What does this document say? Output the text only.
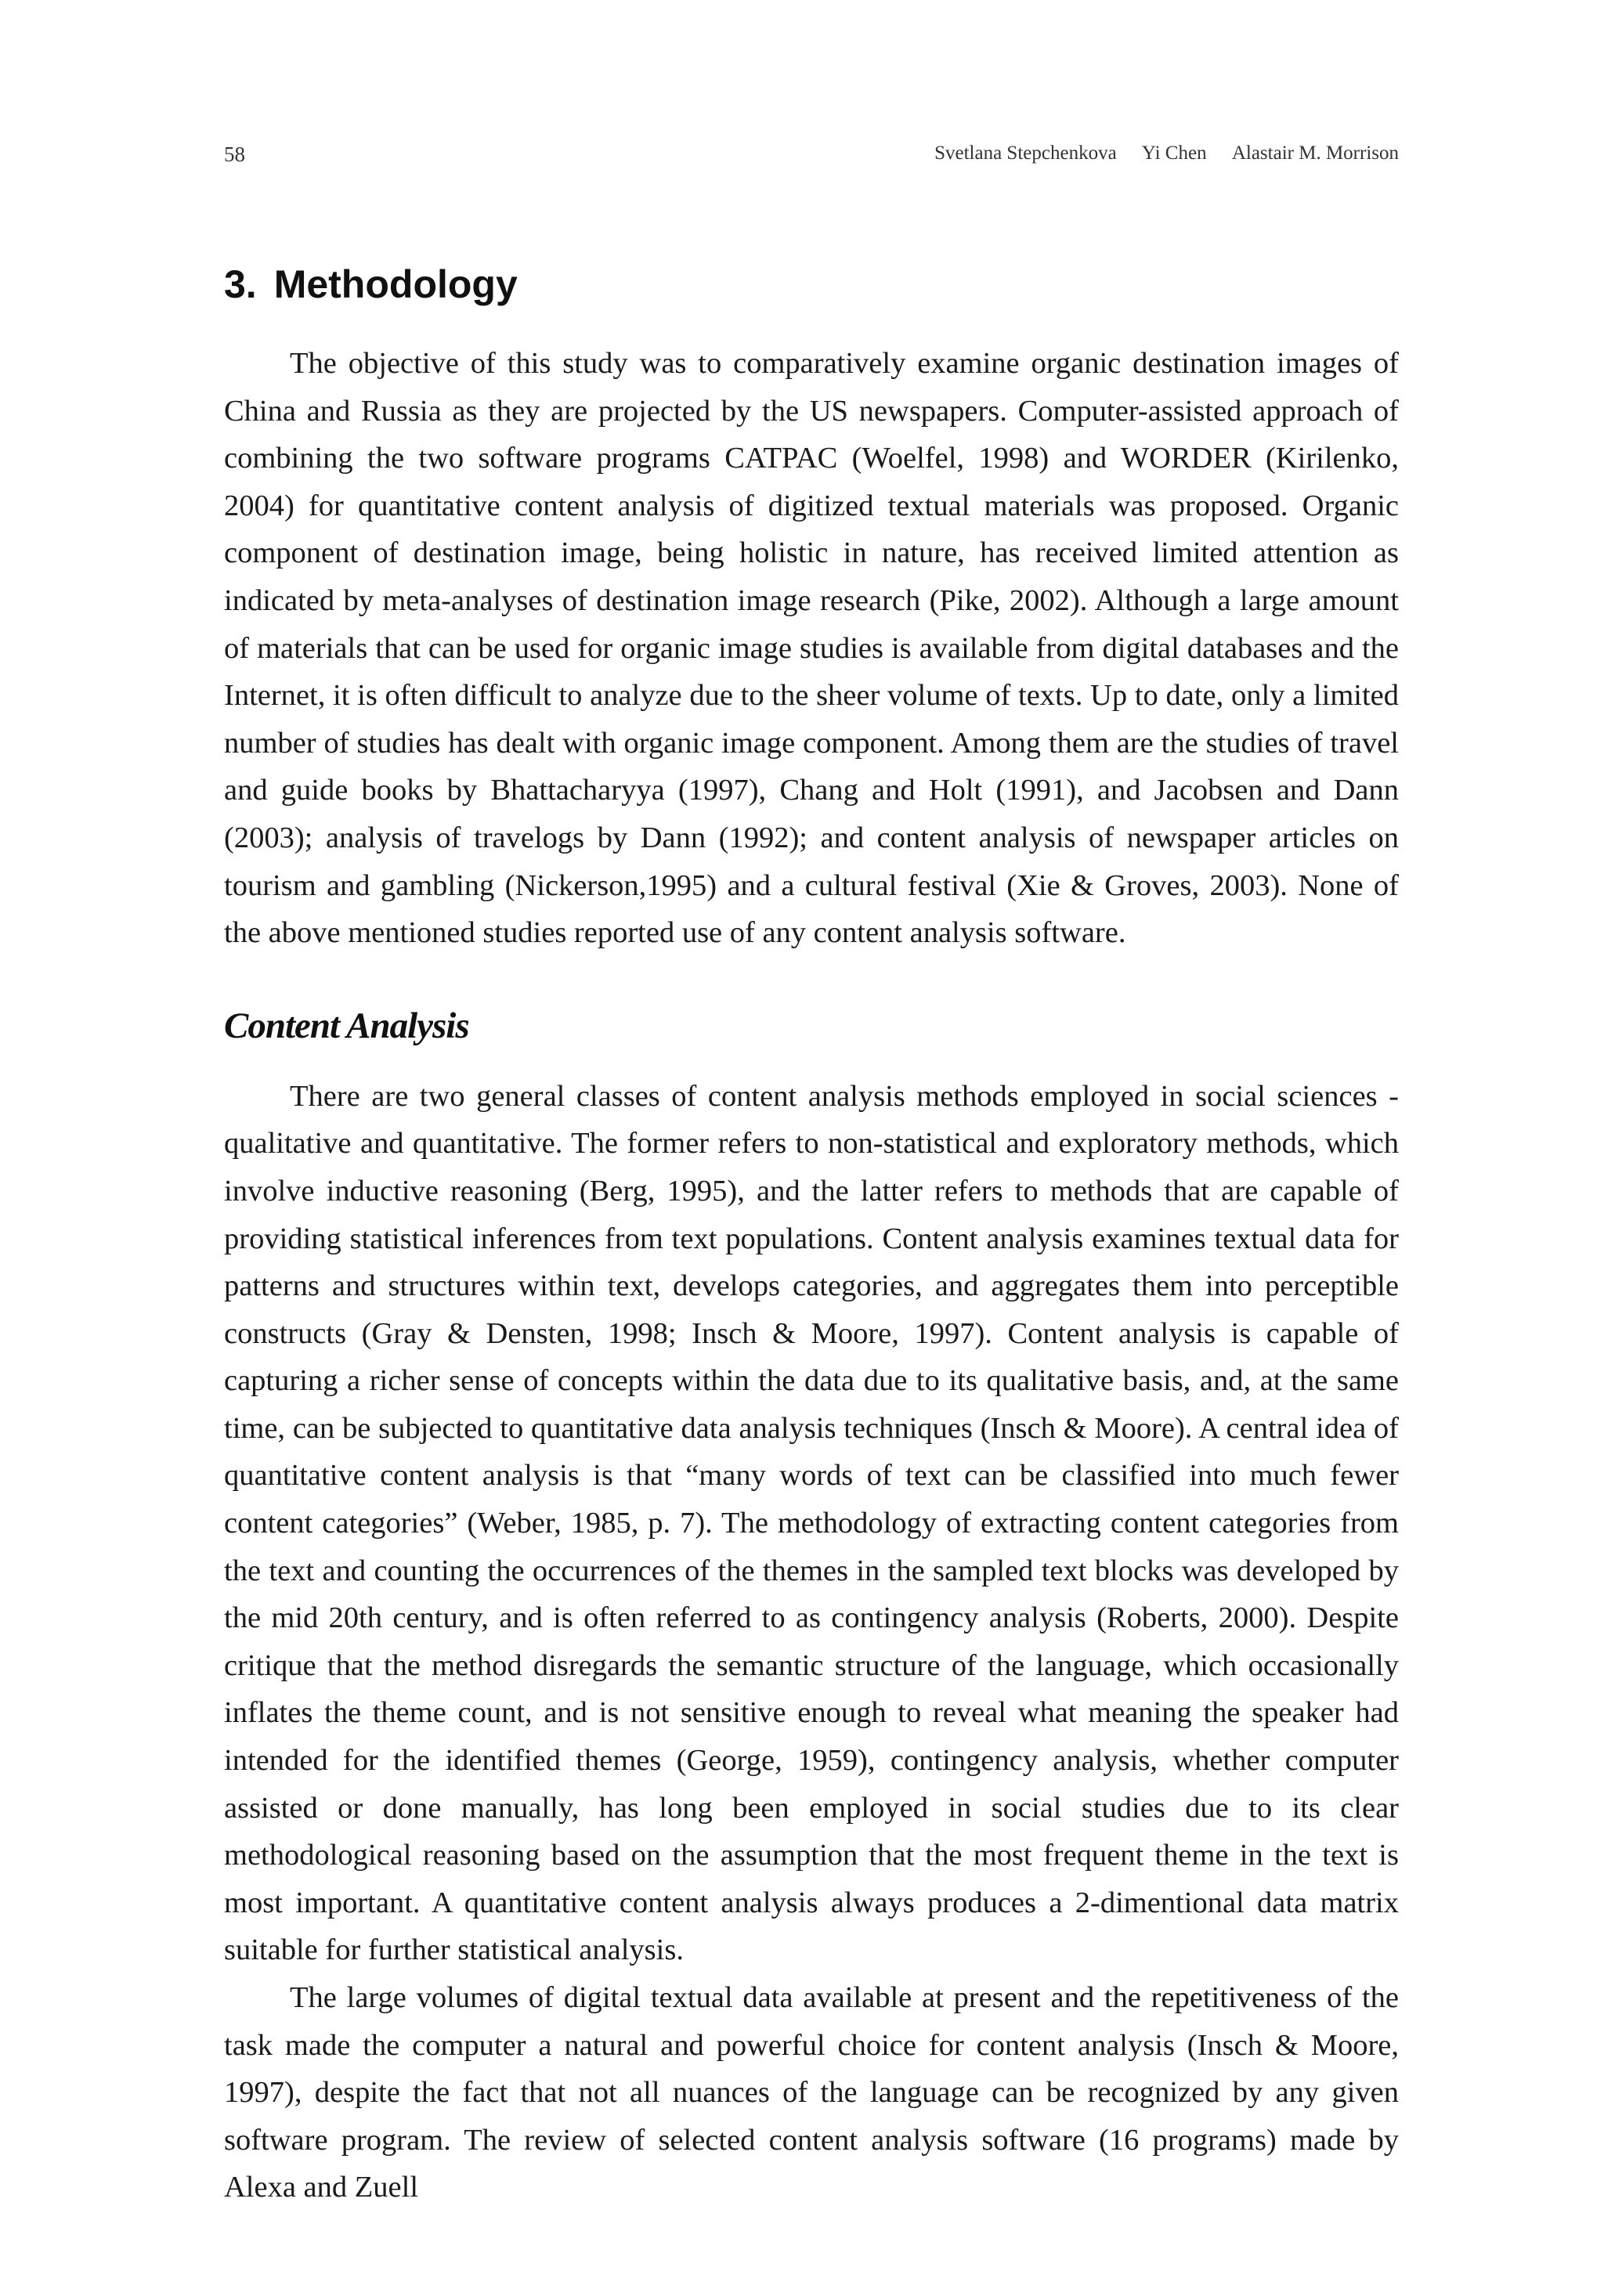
58	Svetlana Stepchenkova Yi Chen Alastair M. Morrison
3. Methodology

The objective of this study was to comparatively examine organic destination images of China and Russia as they are projected by the US newspapers. Computer-assisted approach of combining the two software programs CATPAC (Woelfel, 1998) and WORDER (Kirilenko, 2004) for quantitative content analysis of digitized textual materials was proposed. Organic component of destination image, being holistic in nature, has received limited attention as indicated by meta-analyses of destination image research (Pike, 2002). Although a large amount of materials that can be used for organic image studies is available from digital databases and the Internet, it is often difficult to analyze due to the sheer volume of texts. Up to date, only a limited number of studies has dealt with organic image component. Among them are the studies of travel and guide books by Bhattacharyya (1997), Chang and Holt (1991), and Jacobsen and Dann (2003); analysis of travelogs by Dann (1992); and content analysis of newspaper articles on tourism and gambling (Nickerson,1995) and a cultural festival (Xie & Groves, 2003). None of the above mentioned studies reported use of any content analysis software.

Content Analysis

There are two general classes of content analysis methods employed in social sciences - qualitative and quantitative. The former refers to non-statistical and exploratory methods, which involve inductive reasoning (Berg, 1995), and the latter refers to methods that are capable of providing statistical inferences from text populations. Content analysis examines textual data for patterns and structures within text, develops categories, and aggregates them into perceptible constructs (Gray & Densten, 1998; Insch & Moore, 1997). Content analysis is capable of capturing a richer sense of concepts within the data due to its qualitative basis, and, at the same time, can be subjected to quantitative data analysis techniques (Insch & Moore). A central idea of quantitative content analysis is that “many words of text can be classified into much fewer content categories” (Weber, 1985, p. 7). The methodology of extracting content categories from the text and counting the occurrences of the themes in the sampled text blocks was developed by the mid 20th century, and is often referred to as contingency analysis (Roberts, 2000). Despite critique that the method disregards the semantic structure of the language, which occasionally inflates the theme count, and is not sensitive enough to reveal what meaning the speaker had intended for the identified themes (George, 1959), contingency analysis, whether computer assisted or done manually, has long been employed in social studies due to its clear methodological reasoning based on the assumption that the most frequent theme in the text is most important. A quantitative content analysis always produces a 2-dimentional data matrix suitable for further statistical analysis.

The large volumes of digital textual data available at present and the repetitiveness of the task made the computer a natural and powerful choice for content analysis (Insch & Moore, 1997), despite the fact that not all nuances of the language can be recognized by any given software program. The review of selected content analysis software (16 programs) made by Alexa and Zuell
